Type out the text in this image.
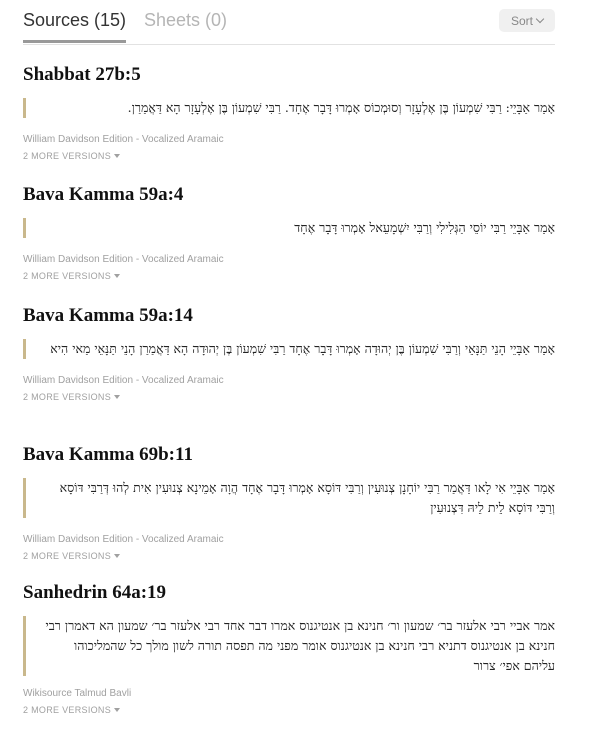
Sources (15) Sheets (0)	Sort
Shabbat 27b:5
אָמַר אַבָּיֵי: רַבִּי שִׁמְעוֹן בֶּן אֶלְעָזָר וְסוּמְכוֹס אָמְרוּ דָּבָר אֶחָד. רַבִּי שִׁמְעוֹן בֶּן אֶלְעָזָר הָא דַּאֲמַרַן.
William Davidson Edition - Vocalized Aramaic
2 MORE VERSIONS
Bava Kamma 59a:4
אָמַר אַבָּיֵי רַבִּי יוֹסֵי הַגְּלִילִי וְרַבִּי יִשְׁמָעֵאל אָמְרוּ דָּבָר אֶחָד
William Davidson Edition - Vocalized Aramaic
2 MORE VERSIONS
Bava Kamma 59a:14
אָמַר אַבָּיֵי הָנֵי תַּנָּאֵי וְרַבִּי שִׁמְעוֹן בֶּן יְהוּדָה אָמְרוּ דָּבָר אֶחָד רַבִּי שִׁמְעוֹן בֶּן יְהוּדָה הָא דַּאֲמַרַן הָנֵי תַּנָּאֵי מַאי הִיא
William Davidson Edition - Vocalized Aramaic
2 MORE VERSIONS
Bava Kamma 69b:11
אָמַר אַבָּיֵי אִי לָאו דַּאֲמַר רַבִּי יוֹחָנָן צְנוּעִין וְרַבִּי דּוֹסָא אָמְרוּ דָּבָר אֶחָד הֲוָה אָמֵינָא צְנוּעִין אִית לְהוּ דְּרַבִּי דּוֹסָא וְרַבִּי דּוֹסָא לֵית לֵיהּ דִּצְנוּעִין
William Davidson Edition - Vocalized Aramaic
2 MORE VERSIONS
Sanhedrin 64a:19
אמר אביי רבי אלעזר בר׳ שמעון ור׳ חנינא בן אנטיגנוס אמרו דבר אחד רבי אלעזר בר׳ שמעון הא דאמרן רבי חנינא בן אנטיגנוס דתניא רבי חנינא בן אנטיגנוס אומר מפני מה תפסה תורה לשון מולך כל שהמליכוהו עליהם אפי׳ צרור
Wikisource Talmud Bavli
2 MORE VERSIONS
